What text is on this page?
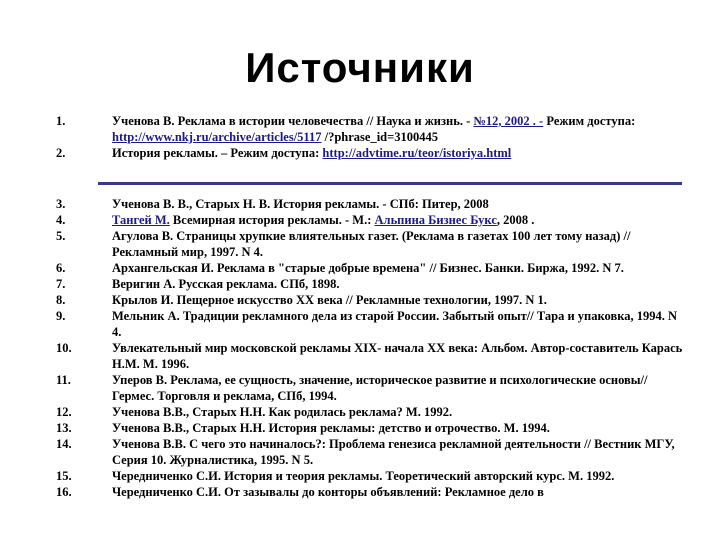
Источники
1.	Ученова В. Реклама в истории человечества // Наука и жизнь. - №12, 2002 . - Режим доступа: http://www.nkj.ru/archive/articles/5117 /?phrase_id=3100445
2.	История рекламы. – Режим доступа: http://advtime.ru/teor/istoriya.html
3.	Ученова В. В., Старых Н. В. История рекламы. - СПб: Питер, 2008
4.	Тангей М. Всемирная история рекламы. - М.: Альпина Бизнес Букс, 2008 .
5.	Агулова В. Страницы хрупкие влиятельных газет. (Реклама в газетах 100 лет тому назад) // Рекламный мир, 1997. N 4.
6.	Архангельская И. Реклама в "старые добрые времена" // Бизнес. Банки. Биржа, 1992. N 7.
7.	Веригин А. Русская реклама. СПб, 1898.
8.	Крылов И. Пещерное искусство XX века // Рекламные технологии, 1997. N 1.
9.	Мельник А. Традиции рекламного дела из старой России. Забытый опыт// Тара и упаковка, 1994. N 4.
10.	Увлекательный мир московской рекламы XIX- начала XX века: Альбом. Автор-составитель Карась Н.М. М. 1996.
11.	Уперов В. Реклама, ее сущность, значение, историческое развитие и психологические основы// Гермес. Торговля и реклама, СПб, 1994.
12.	Ученова В.В., Старых Н.Н. Как родилась реклама? М. 1992.
13.	Ученова В.В., Старых Н.Н. История рекламы: детство и отрочество. М. 1994.
14.	Ученова В.В. С чего это начиналось?: Проблема генезиса рекламной деятельности // Вестник МГУ, Серия 10. Журналистика, 1995. N 5.
15.	Чередниченко С.И. История и теория рекламы. Теоретический авторский курс. М. 1992.
16.	Чередниченко С.И. От зазывалы до конторы объявлений: Рекламное дело в
